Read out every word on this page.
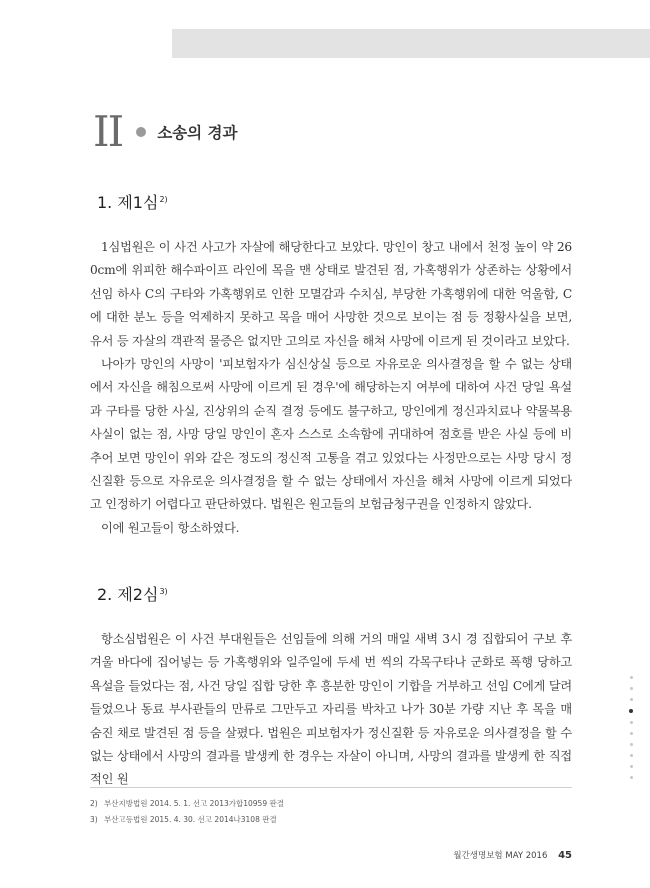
II 소송의 경과
1. 제1심$^{2)}$

1심법원은 이 사건 사고가 자살에 해당한다고 보았다. 망인이 창고 내에서 천정 높이 약 260cm에 위피한 해수파이프 라인에 목을 맨 상태로 발견된 점, 가혹행위가 상존하는 상황에서 선임 하사 C의 구타와 가혹행위로 인한 모멸감과 수치심, 부당한 가혹행위에 대한 억울함, C에 대한 분노 등을 억제하지 못하고 목을 매어 사망한 것으로 보이는 점 등 정황사실을 보면, 유서 등 자살의 객관적 물증은 없지만 고의로 자신을 해쳐 사망에 이르게 된 것이라고 보았다.

나아가 망인의 사망이 '피보험자가 심신상실 등으로 자유로운 의사결정을 할 수 없는 상태에서 자신을 해침으로써 사망에 이르게 된 경우'에 해당하는지 여부에 대하여 사건 당일 욕설과 구타를 당한 사실, 진상위의 순직 결정 등에도 불구하고, 망인에게 정신과치료나 약물복용사실이 없는 점, 사망 당일 망인이 혼자 스스로 소속함에 귀대하여 점호를 받은 사실 등에 비추어 보면 망인이 위와 같은 정도의 정신적 고통을 겪고 있었다는 사정만으로는 사망 당시 정신질환 등으로 자유로운 의사결정을 할 수 없는 상태에서 자신을 해쳐 사망에 이르게 되었다고 인정하기 어렵다고 판단하였다. 법원은 원고들의 보험금청구권을 인정하지 않았다.

이에 원고들이 항소하였다.

2. 제2심$^{3)}$

항소심법원은 이 사건 부대원들은 선임들에 의해 거의 매일 새벽 3시 경 집합되어 구보 후 겨울 바다에 집어넣는 등 가혹행위와 일주일에 두세 번 씩의 각목구타나 군화로 폭행 당하고 욕설을 들었다는 점, 사건 당일 집합 당한 후 흥분한 망인이 기합을 거부하고 선임 C에게 달려들었으나 동료 부사관들의 만류로 그만두고 자리를 박차고 나가 30분 가량 지난 후 목을 매 숨진 채로 발견된 점 등을 살폈다. 법원은 피보험자가 정신질환 등 자유로운 의사결정을 할 수 없는 상태에서 사망의 결과를 발생케 한 경우는 자살이 아니며, 사망의 결과를 발생케 한 직접적인 원

2) 부산지방법원 2014. 5. 1. 선고 2013가합10959 판결
3) 부산고등법원 2015. 4. 30. 선고 2014나3108 판결
월간생명보험 MAY 2016 45
